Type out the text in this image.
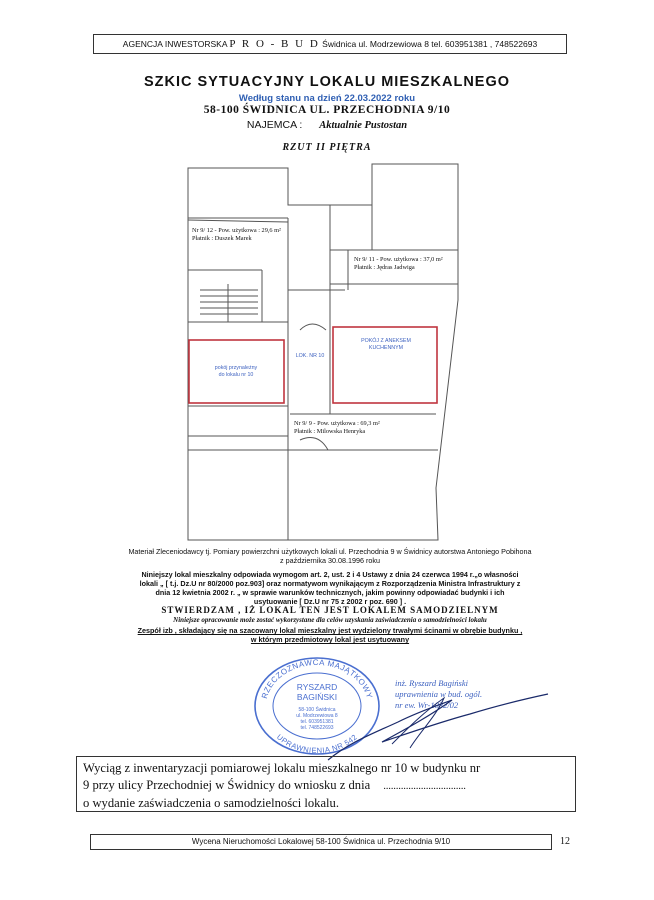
AGENCJA INWESTORSKA P R O - B U D Świdnica ul. Modrzewiowa 8 tel. 603951381 , 748522693
SZKIC SYTUACYJNY LOKALU MIESZKALNEGO
Według stanu na dzień 22.03.2022 roku
58-100 ŚWIDNICA UL. PRZECHODNIA 9/10
NAJEMCA : Aktualnie Pustostan
RZUT II PIĘTRA
Nr 9/ 12 - Pow. użytkowa : 29,6 m²
Płatnik : Duszek Marek
Nr 9/ 11 - Pow. użytkowa : 37,0 m²
Płatnik : Jędras Jadwiga
Nr 9/ 9 - Pow. użytkowa : 69,3 m²
Płatnik : Milowska Henryka
pokój przynależny
do lokalu nr 10
LOK. NR 10
POKÓJ Z ANEKSEM
KUCHENNYM
Materiał Zleceniodawcy tj. Pomiary powierzchni użytkowych lokali ul. Przechodnia 9 w Świdnicy autorstwa Antoniego Pobihona
z października 30.08.1996 roku
Niniejszy lokal mieszkalny odpowiada wymogom art. 2, ust. 2 i 4 Ustawy z dnia 24 czerwca 1994 r.„o własności
lokali „ [ t.j. Dz.U nr 80/2000 poz.903] oraz normatywom wynikającym z Rozporządzenia Ministra Infrastruktury z
dnia 12 kwietnia 2002 r. „ w sprawie warunków technicznych, jakim powinny odpowiadać budynki i ich
usytuowanie [ Dz.U nr 75 z 2002 r poz. 690 ] .
STWIERDZAM , IŻ LOKAL TEN JEST LOKALEM SAMODZIELNYM
Niniejsze opracowanie może zostać wykorzystane dla celów uzyskania zaświadczenia o samodzielności lokalu
Zespół izb , składający się na szacowany lokal mieszkalny jest wydzielony trwałymi ścinami w obrębie budynku ,
w którym przedmiotowy lokal jest usytuowany
RZECZOZNAWCA MAJĄTKOWY
UPRAWNIENIA NR 542
RYSZARD
BAGIŃSKI
58-100 Świdnica
ul. Modrzewiowa 8
tel. 603951381
tel. 748522693
inż. Ryszard Bagiński
uprawnienia w bud. ogól.
nr ew. Wr-1032/02
Wyciąg z inwentaryzacji pomiarowej lokalu mieszkalnego nr 10 w budynku nr
9 przy ulicy Przechodniej w Świdnicy do wniosku z dnia .................................
o wydanie zaświadczenia o samodzielności lokalu.
Wycena Nieruchomości Lokalowej 58-100 Świdnica ul. Przechodnia 9/10	12
